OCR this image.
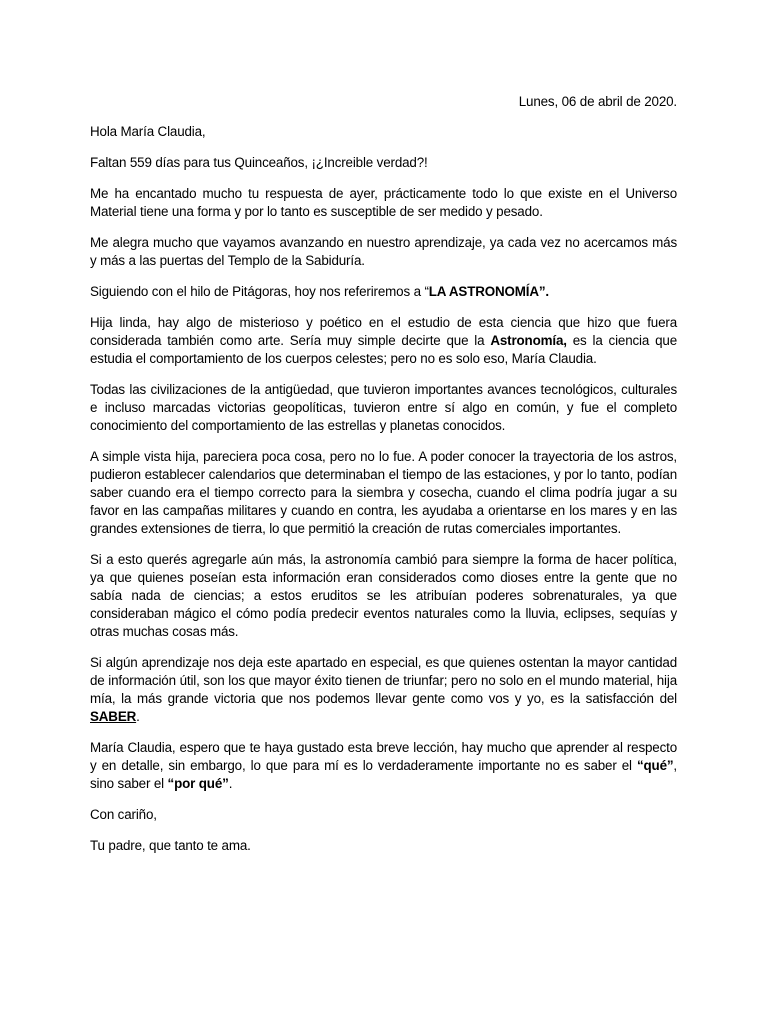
Lunes, 06 de abril de 2020.

Hola María Claudia,

Faltan 559 días para tus Quinceaños, ¡¿Increible verdad?!

Me ha encantado mucho tu respuesta de ayer, prácticamente todo lo que existe en el Universo Material tiene una forma y por lo tanto es susceptible de ser medido y pesado.

Me alegra mucho que vayamos avanzando en nuestro aprendizaje, ya cada vez no acercamos más y más a las puertas del Templo de la Sabiduría.

Siguiendo con el hilo de Pitágoras, hoy nos referiremos a “LA ASTRONOMÍA”.

Hija linda, hay algo de misterioso y poético en el estudio de esta ciencia que hizo que fuera considerada también como arte. Sería muy simple decirte que la Astronomía, es la ciencia que estudia el comportamiento de los cuerpos celestes; pero no es solo eso, María Claudia.

Todas las civilizaciones de la antigüedad, que tuvieron importantes avances tecnológicos, culturales e incluso marcadas victorias geopolíticas, tuvieron entre sí algo en común, y fue el completo conocimiento del comportamiento de las estrellas y planetas conocidos.

A simple vista hija, pareciera poca cosa, pero no lo fue. A poder conocer la trayectoria de los astros, pudieron establecer calendarios que determinaban el tiempo de las estaciones, y por lo tanto, podían saber cuando era el tiempo correcto para la siembra y cosecha, cuando el clima podría jugar a su favor en las campañas militares y cuando en contra, les ayudaba a orientarse en los mares y en las grandes extensiones de tierra, lo que permitió la creación de rutas comerciales importantes.

Si a esto querés agregarle aún más, la astronomía cambió para siempre la forma de hacer política, ya que quienes poseían esta información eran considerados como dioses entre la gente que no sabía nada de ciencias; a estos eruditos se les atribuían poderes sobrenaturales, ya que consideraban mágico el cómo podía predecir eventos naturales como la lluvia, eclipses, sequías y otras muchas cosas más.

Si algún aprendizaje nos deja este apartado en especial, es que quienes ostentan la mayor cantidad de información útil, son los que mayor éxito tienen de triunfar; pero no solo en el mundo material, hija mía, la más grande victoria que nos podemos llevar gente como vos y yo, es la satisfacción del SABER.

María Claudia, espero que te haya gustado esta breve lección, hay mucho que aprender al respecto y en detalle, sin embargo, lo que para mí es lo verdaderamente importante no es saber el “qué”, sino saber el “por qué”.

Con cariño,

Tu padre, que tanto te ama.
